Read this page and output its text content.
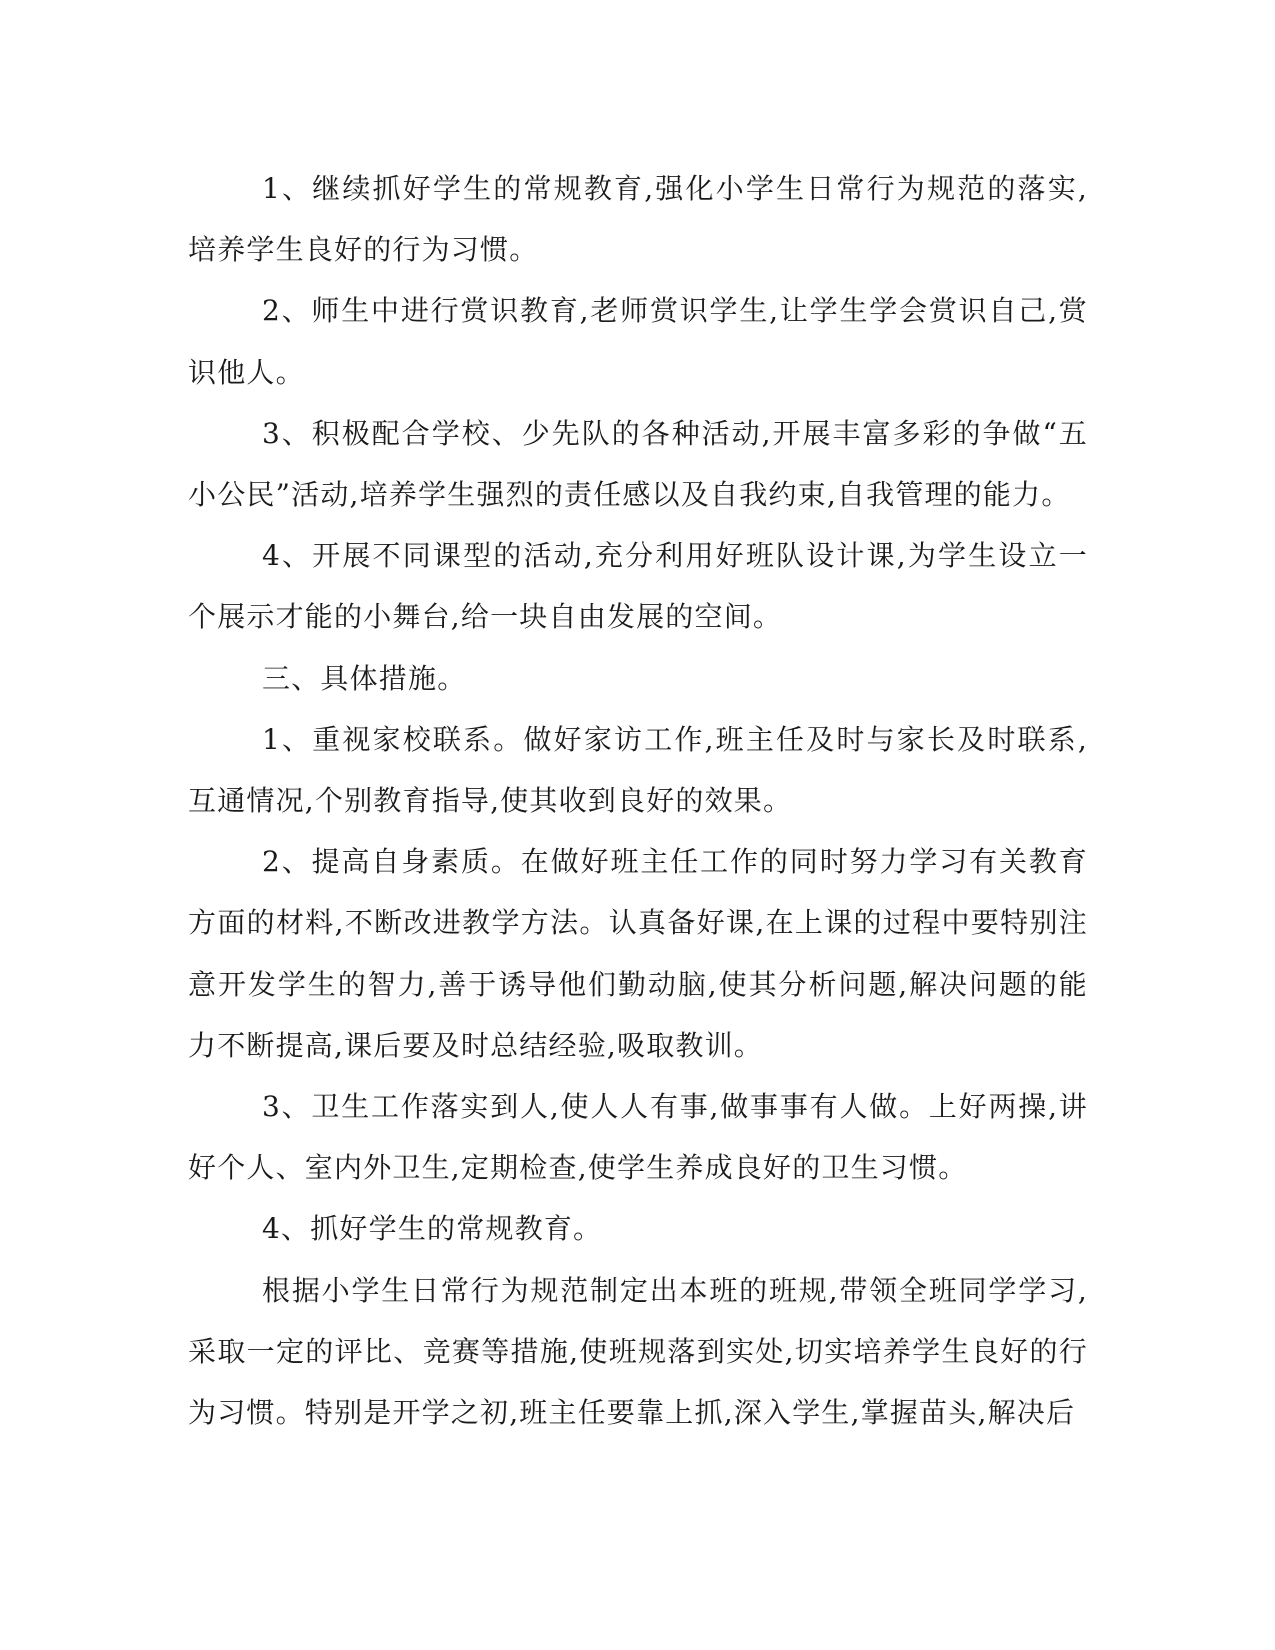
1、继续抓好学生的常规教育,强化小学生日常行为规范的落实,培养学生良好的行为习惯。

2、师生中进行赏识教育,老师赏识学生,让学生学会赏识自己,赏识他人。

3、积极配合学校、少先队的各种活动,开展丰富多彩的争做“五小公民”活动,培养学生强烈的责任感以及自我约束,自我管理的能力。

4、开展不同课型的活动,充分利用好班队设计课,为学生设立一个展示才能的小舞台,给一块自由发展的空间。

三、具体措施。

1、重视家校联系。做好家访工作,班主任及时与家长及时联系,互通情况,个别教育指导,使其收到良好的效果。

2、提高自身素质。在做好班主任工作的同时努力学习有关教育方面的材料,不断改进教学方法。认真备好课,在上课的过程中要特别注意开发学生的智力,善于诱导他们勤动脑,使其分析问题,解决问题的能力不断提高,课后要及时总结经验,吸取教训。

3、卫生工作落实到人,使人人有事,做事事有人做。上好两操,讲好个人、室内外卫生,定期检查,使学生养成良好的卫生习惯。

4、抓好学生的常规教育。

根据小学生日常行为规范制定出本班的班规,带领全班同学学习,采取一定的评比、竞赛等措施,使班规落到实处,切实培养学生良好的行为习惯。特别是开学之初,班主任要靠上抓,深入学生,掌握苗头,解决后
